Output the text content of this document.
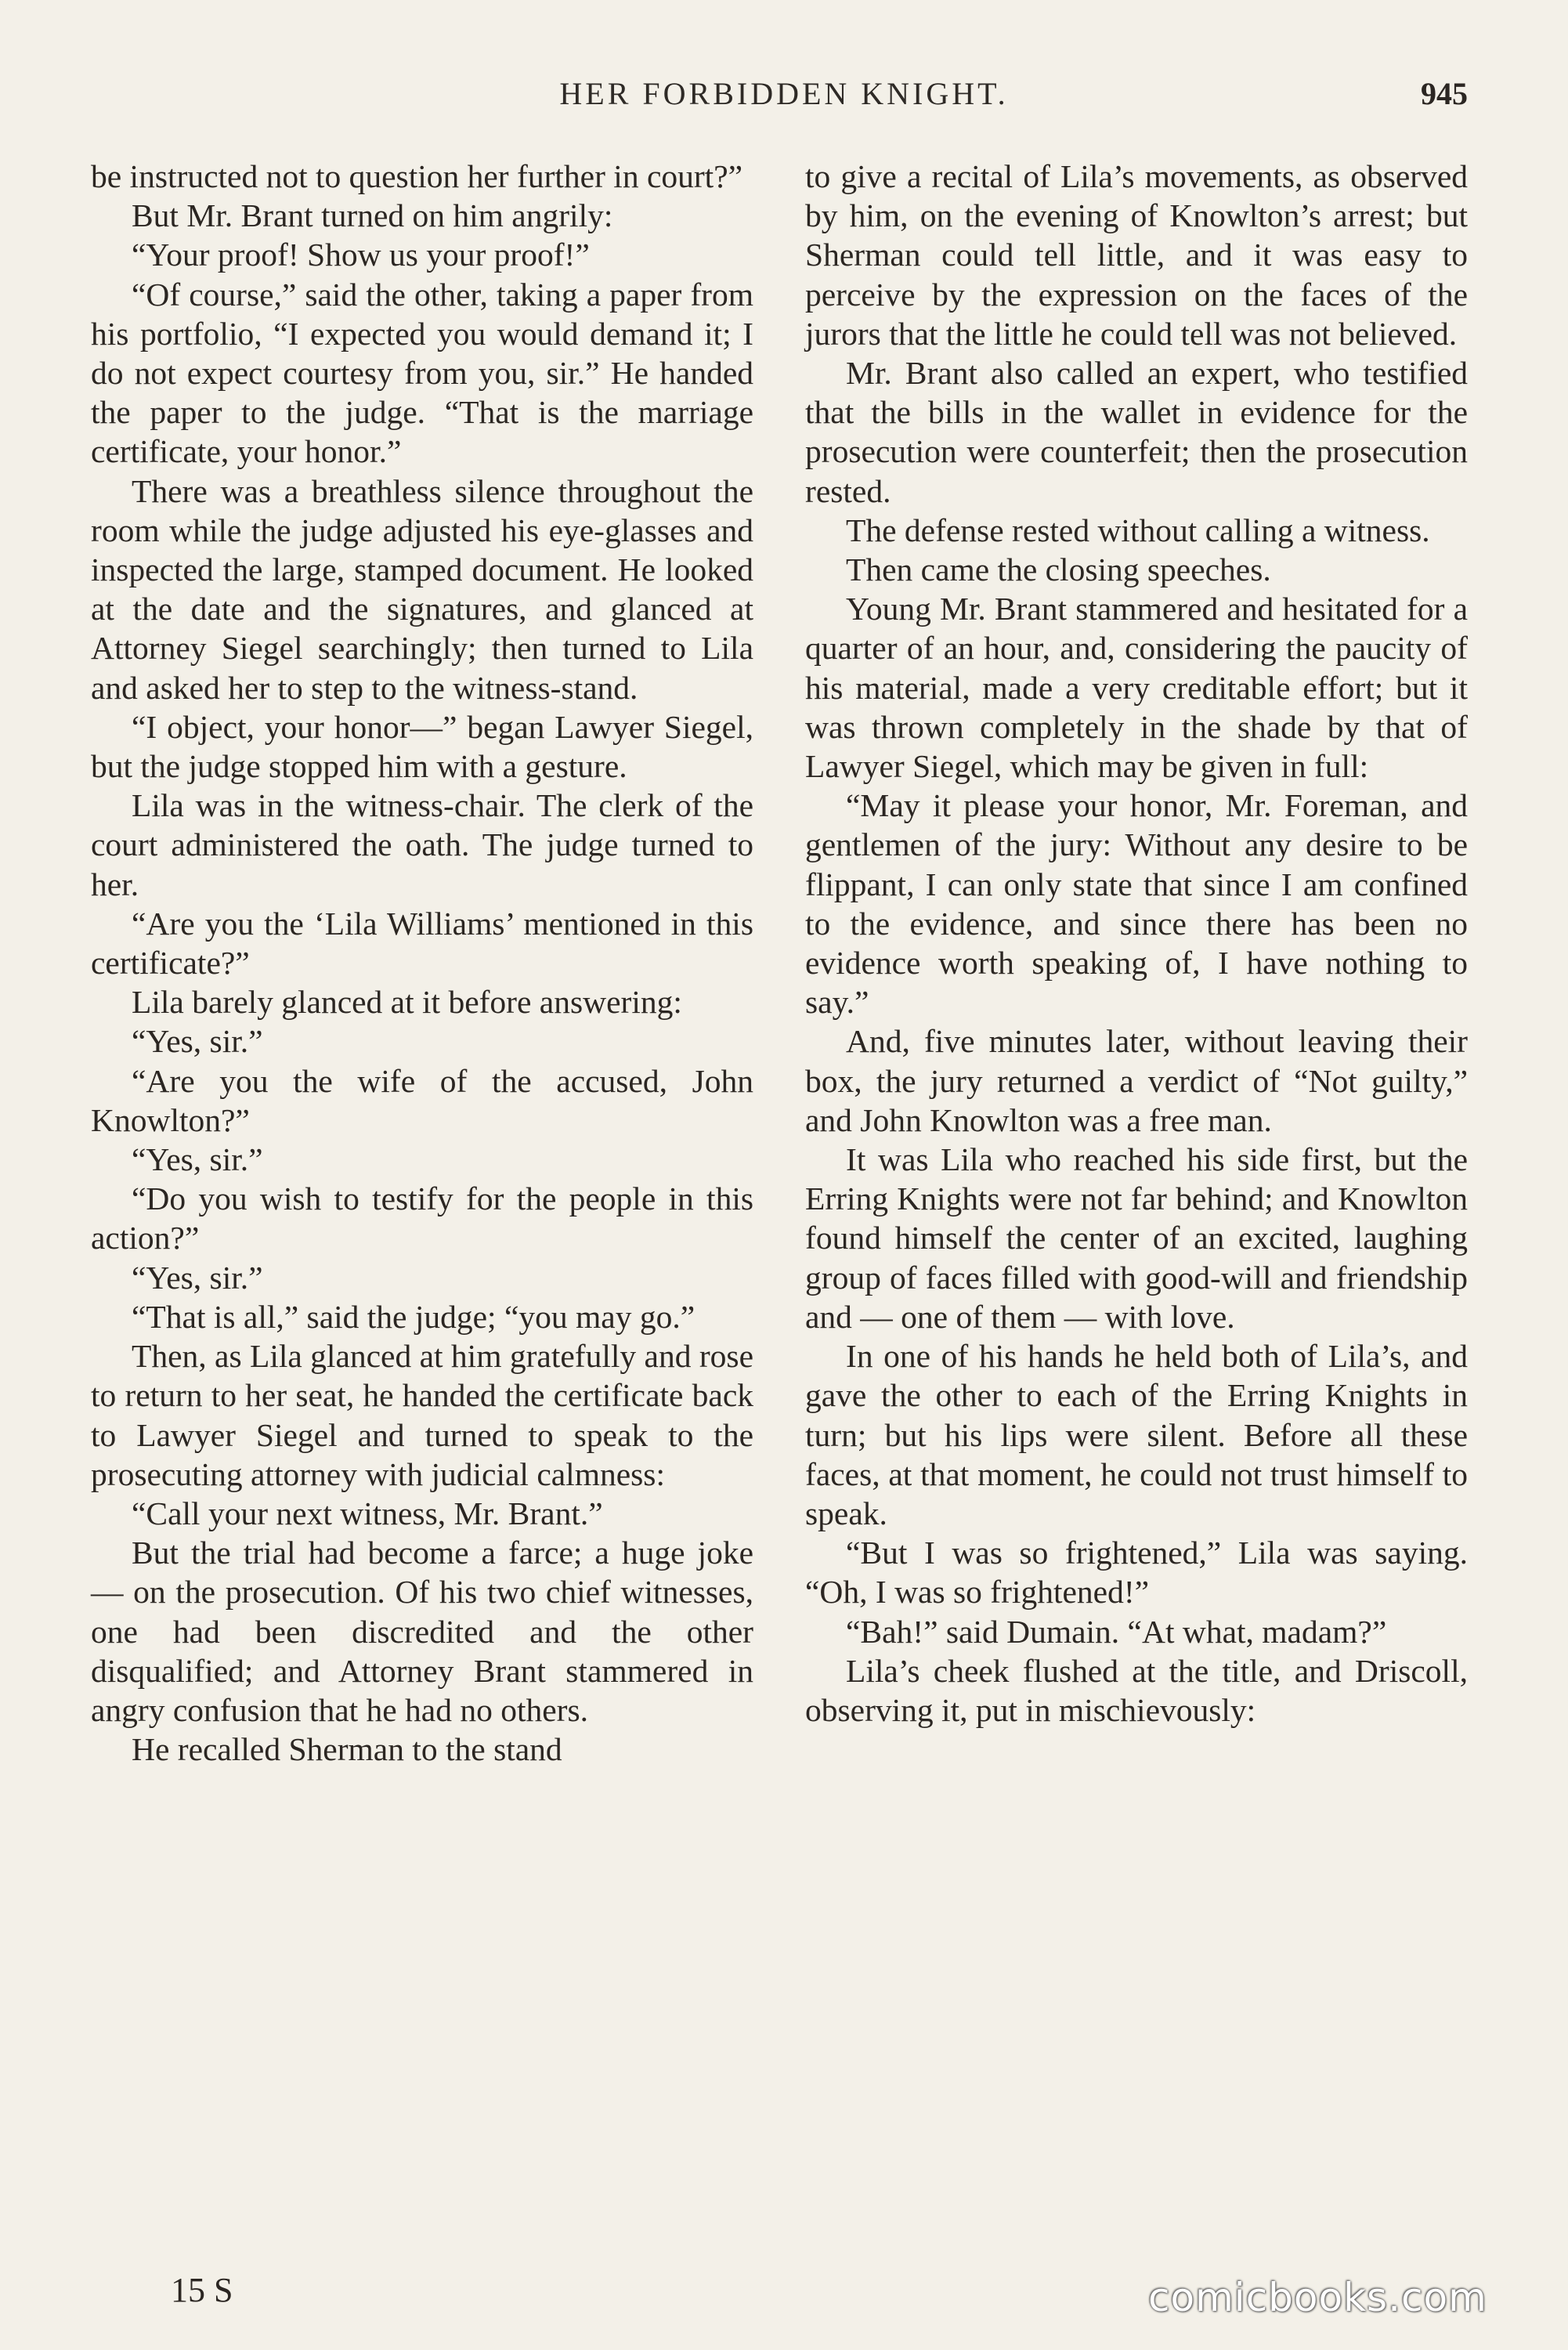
HER FORBIDDEN KNIGHT.	945

be instructed not to question her further in court?”

But Mr. Brant turned on him angrily:

“Your proof! Show us your proof!”

“Of course,” said the other, taking a paper from his portfolio, “I expected you would demand it; I do not expect courtesy from you, sir.” He handed the paper to the judge. “That is the marriage certificate, your honor.”

There was a breathless silence throughout the room while the judge adjusted his eye-glasses and inspected the large, stamped document. He looked at the date and the signatures, and glanced at Attorney Siegel searchingly; then turned to Lila and asked her to step to the witness-stand.

“I object, your honor—” began Lawyer Siegel, but the judge stopped him with a gesture.

Lila was in the witness-chair. The clerk of the court administered the oath. The judge turned to her.

“Are you the ‘Lila Williams’ mentioned in this certificate?”

Lila barely glanced at it before answering:

“Yes, sir.”

“Are you the wife of the accused, John Knowlton?”

“Yes, sir.”

“Do you wish to testify for the people in this action?”

“Yes, sir.”

“That is all,” said the judge; “you may go.”

Then, as Lila glanced at him gratefully and rose to return to her seat, he handed the certificate back to Lawyer Siegel and turned to speak to the prosecuting attorney with judicial calmness:

“Call your next witness, Mr. Brant.”

But the trial had become a farce; a huge joke — on the prosecution. Of his two chief witnesses, one had been discredited and the other disqualified; and Attorney Brant stammered in angry confusion that he had no others.

He recalled Sherman to the stand

to give a recital of Lila’s movements, as observed by him, on the evening of Knowlton’s arrest; but Sherman could tell little, and it was easy to perceive by the expression on the faces of the jurors that the little he could tell was not believed.

Mr. Brant also called an expert, who testified that the bills in the wallet in evidence for the prosecution were counterfeit; then the prosecution rested.

The defense rested without calling a witness.

Then came the closing speeches.

Young Mr. Brant stammered and hesitated for a quarter of an hour, and, considering the paucity of his material, made a very creditable effort; but it was thrown completely in the shade by that of Lawyer Siegel, which may be given in full:

“May it please your honor, Mr. Foreman, and gentlemen of the jury: Without any desire to be flippant, I can only state that since I am confined to the evidence, and since there has been no evidence worth speaking of, I have nothing to say.”

And, five minutes later, without leaving their box, the jury returned a verdict of “Not guilty,” and John Knowlton was a free man.

It was Lila who reached his side first, but the Erring Knights were not far behind; and Knowlton found himself the center of an excited, laughing group of faces filled with good-will and friendship and — one of them — with love.

In one of his hands he held both of Lila’s, and gave the other to each of the Erring Knights in turn; but his lips were silent. Before all these faces, at that moment, he could not trust himself to speak.

“But I was so frightened,” Lila was saying. “Oh, I was so frightened!”

“Bah!” said Dumain. “At what, madam?”

Lila’s cheek flushed at the title, and Driscoll, observing it, put in mischievously:

15 S	comicbooks.com
